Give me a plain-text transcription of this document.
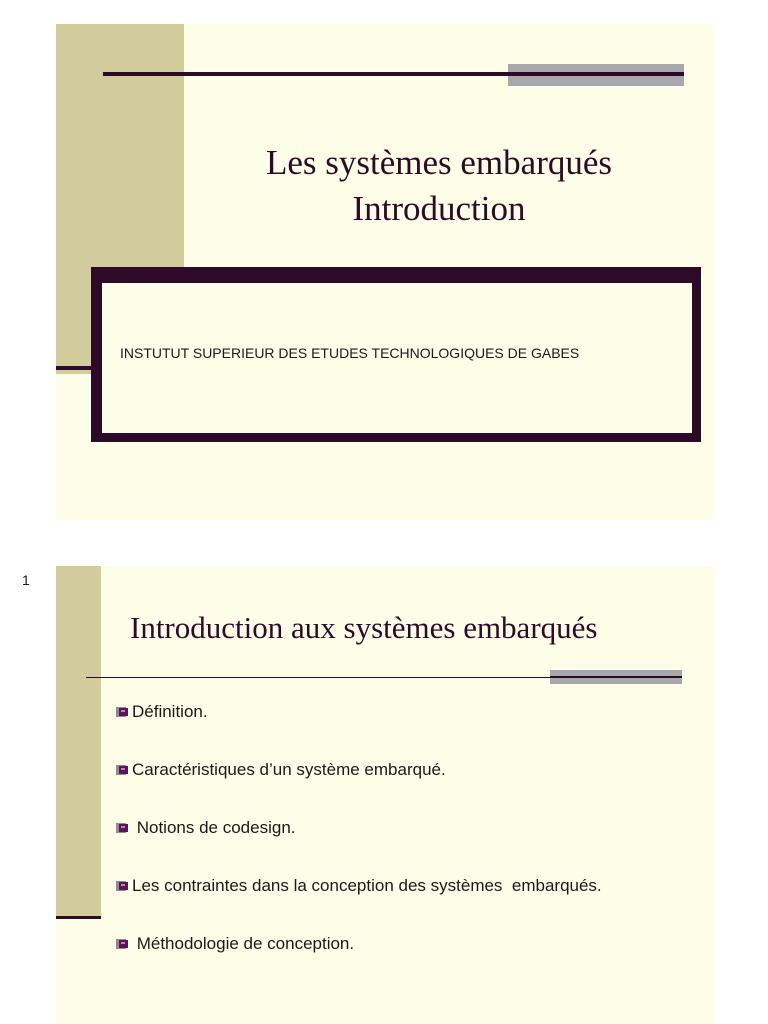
Les systèmes embarqués
Introduction
INSTUTUT SUPERIEUR DES ETUDES TECHNOLOGIQUES DE GABES
1
Introduction aux systèmes embarqués
Définition.
Caractéristiques d’un système embarqué.
Notions de codesign.
Les contraintes dans la conception des systèmes  embarqués.
Méthodologie de conception.
